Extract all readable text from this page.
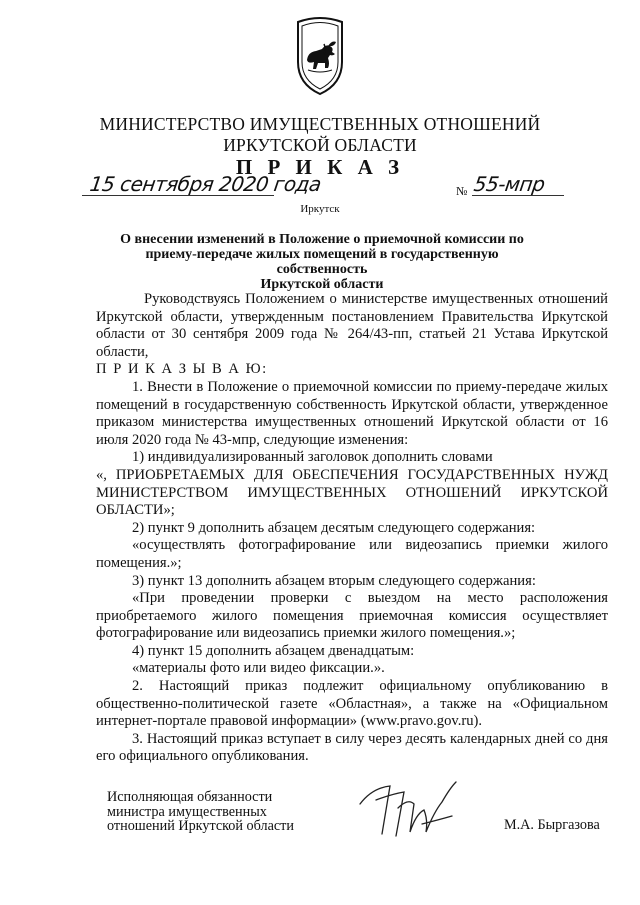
МИНИСТЕРСТВО ИМУЩЕСТВЕННЫХ ОТНОШЕНИЙ
ИРКУТСКОЙ ОБЛАСТИ
П Р И К А З
15 сентября 2020 года	№ 55-мпр
Иркутск
О внесении изменений в Положение о приемочной комиссии по
приему-передаче жилых помещений в государственную собственность
Иркутской области

Руководствуясь Положением о министерстве имущественных отношений Иркутской области, утвержденным постановлением Правительства Иркутской области от 30 сентября 2009 года № 264/43-пп, статьей 21 Устава Иркутской области,

П Р И К А З Ы В А Ю:

1. Внести в Положение о приемочной комиссии по приему-передаче жилых помещений в государственную собственность Иркутской области, утвержденное приказом министерства имущественных отношений Иркутской области от 16 июля 2020 года № 43-мпр, следующие изменения:

1) индивидуализированный заголовок дополнить словами

«, ПРИОБРЕТАЕМЫХ ДЛЯ ОБЕСПЕЧЕНИЯ ГОСУДАРСТВЕННЫХ НУЖД МИНИСТЕРСТВОМ ИМУЩЕСТВЕННЫХ ОТНОШЕНИЙ ИРКУТСКОЙ ОБЛАСТИ»;

2) пункт 9 дополнить абзацем десятым следующего содержания:

«осуществлять фотографирование или видеозапись приемки жилого помещения.»;

3) пункт 13 дополнить абзацем вторым следующего содержания:

«При проведении проверки с выездом на место расположения приобретаемого жилого помещения приемочная комиссия осуществляет фотографирование или видеозапись приемки жилого помещения.»;

4) пункт 15 дополнить абзацем двенадцатым:

«материалы фото или видео фиксации.».

2. Настоящий приказ подлежит официальному опубликованию в общественно-политической газете «Областная», а также на «Официальном интернет-портале правовой информации» (www.pravo.gov.ru).

3. Настоящий приказ вступает в силу через десять календарных дней со дня его официального опубликования.

Исполняющая обязанности
министра имущественных
отношений Иркутской области	М.А. Быргазова
